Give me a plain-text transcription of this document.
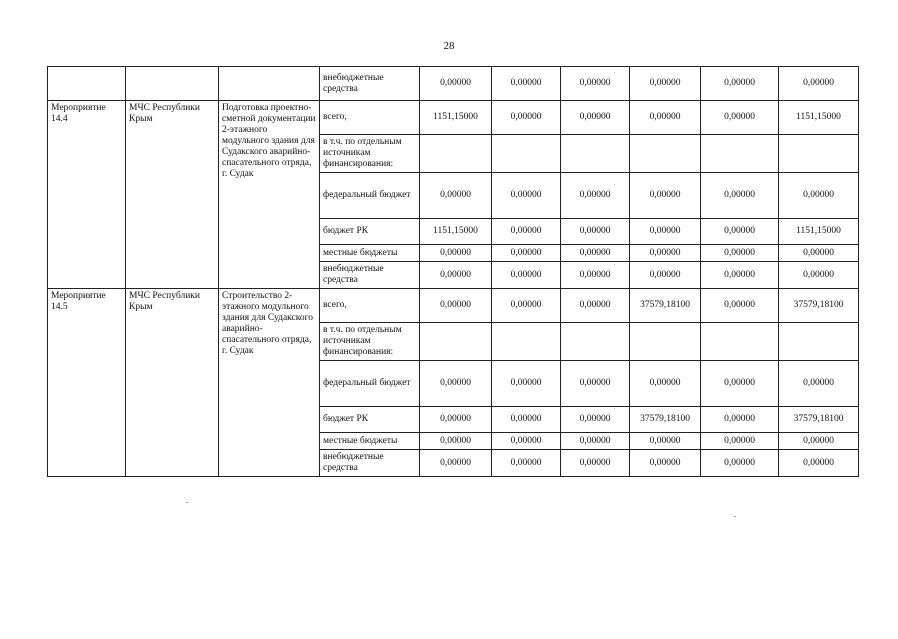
28
			внебюджетные средства	0,00000	0,00000	0,00000	0,00000	0,00000	0,00000
Мероприятие 14.4	МЧС Республики Крым	Подготовка проектно-сметной документации 2-этажного модульного здания для Судакского аварийно-спасательного отряда, г. Судак	всего,	1151,15000	0,00000	0,00000	0,00000	0,00000	1151,15000
			в т.ч. по отдельным источникам финансирования:						
			федеральный бюджет	0,00000	0,00000	0,00000	0,00000	0,00000	0,00000
			бюджет РК	1151,15000	0,00000	0,00000	0,00000	0,00000	1151,15000
			местные бюджеты	0,00000	0,00000	0,00000	0,00000	0,00000	0,00000
			внебюджетные средства	0,00000	0,00000	0,00000	0,00000	0,00000	0,00000
Мероприятие 14.5	МЧС Республики Крым	Строительство 2-этажного модульного здания для Судакского аварийно-спасательного отряда, г. Судак	всего,	0,00000	0,00000	0,00000	37579,18100	0,00000	37579,18100
			в т.ч. по отдельным источникам финансирования:						
			федеральный бюджет	0,00000	0,00000	0,00000	0,00000	0,00000	0,00000
			бюджет РК	0,00000	0,00000	0,00000	37579,18100	0,00000	37579,18100
			местные бюджеты	0,00000	0,00000	0,00000	0,00000	0,00000	0,00000
			внебюджетные средства	0,00000	0,00000	0,00000	0,00000	0,00000	0,00000
